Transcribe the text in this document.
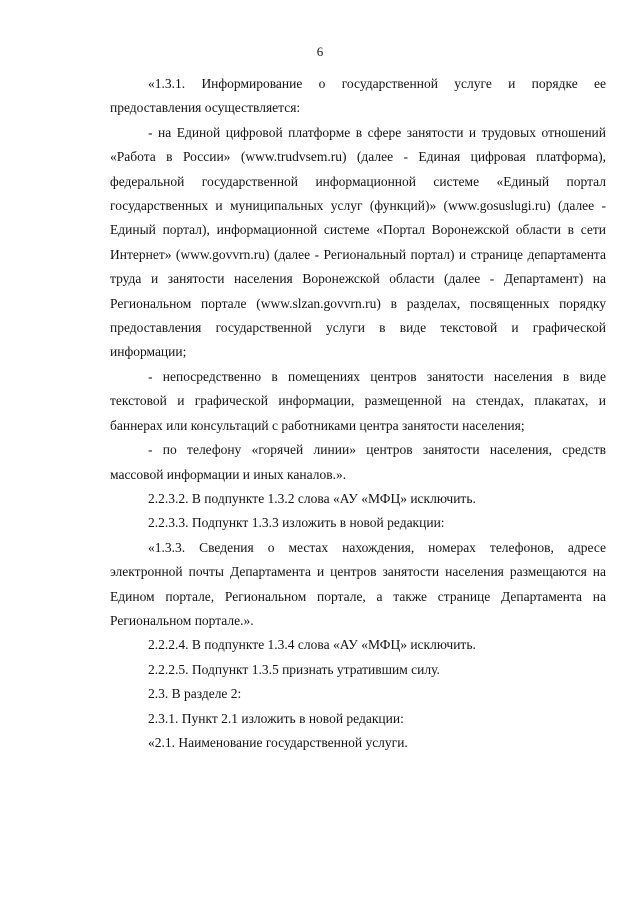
6

«1.3.1. Информирование о государственной услуге и порядке ее предоставления осуществляется:

- на Единой цифровой платформе в сфере занятости и трудовых отношений «Работа в России» (www.trudvsem.ru) (далее - Единая цифровая платформа), федеральной государственной информационной системе «Единый портал государственных и муниципальных услуг (функций)» (www.gosuslugi.ru) (далее - Единый портал), информационной системе «Портал Воронежской области в сети Интернет» (www.govvrn.ru) (далее - Региональный портал) и странице департамента труда и занятости населения Воронежской области (далее - Департамент) на Региональном портале (www.slzan.govvrn.ru) в разделах, посвященных порядку предоставления государственной услуги в виде текстовой и графической информации;

- непосредственно в помещениях центров занятости населения в виде текстовой и графической информации, размещенной на стендах, плакатах, и баннерах или консультаций с работниками центра занятости населения;

- по телефону «горячей линии» центров занятости населения, средств массовой информации и иных каналов.».

2.2.3.2. В подпункте 1.3.2 слова «АУ «МФЦ» исключить.

2.2.3.3. Подпункт 1.3.3 изложить в новой редакции:

«1.3.3. Сведения о местах нахождения, номерах телефонов, адресе электронной почты Департамента и центров занятости населения размещаются на Едином портале, Региональном портале, а также странице Департамента на Региональном портале.».

2.2.2.4. В подпункте 1.3.4 слова «АУ «МФЦ» исключить.

2.2.2.5. Подпункт 1.3.5 признать утратившим силу.

2.3. В разделе 2:

2.3.1. Пункт 2.1 изложить в новой редакции:

«2.1. Наименование государственной услуги.
